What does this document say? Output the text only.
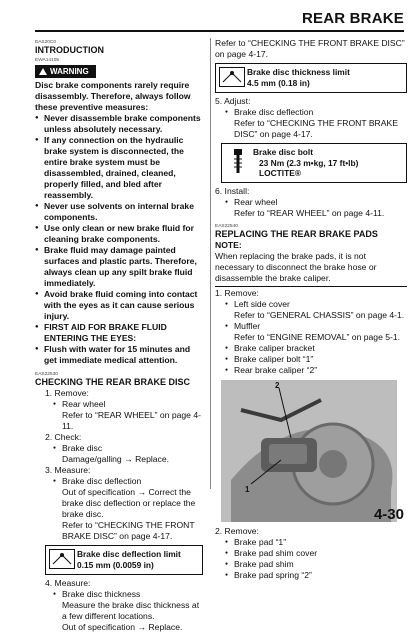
REAR BRAKE
EAS20C0
INTRODUCTION
EWA14105
WARNING
Disc brake components rarely require disassembly. Therefore, always follow these preventive measures:
● Never disassemble brake components unless absolutely necessary.
● If any connection on the hydraulic brake system is disconnected, the entire brake system must be disassembled, drained, cleaned, properly filled, and bled after reassembly.
● Never use solvents on internal brake components.
● Use only clean or new brake fluid for cleaning brake components.
● Brake fluid may damage painted surfaces and plastic parts. Therefore, always clean up any spilt brake fluid immediately.
● Avoid brake fluid coming into contact with the eyes as it can cause serious injury.
● FIRST AID FOR BRAKE FLUID ENTERING THE EYES:
● Flush with water for 15 minutes and get immediate medical attention.
EAS22530
CHECKING THE REAR BRAKE DISC
1. Remove:
● Rear wheel
Refer to “REAR WHEEL” on page 4-11.
2. Check:
● Brake disc
Damage/galling → Replace.
3. Measure:
● Brake disc deflection
Out of specification → Correct the brake disc deflection or replace the brake disc.
Refer to “CHECKING THE FRONT BRAKE DISC” on page 4-17.
Brake disc deflection limit
0.15 mm (0.0059 in)
4. Measure:
● Brake disc thickness
Measure the brake disc thickness at a few different locations.
Out of specification → Replace.
Refer to “CHECKING THE FRONT BRAKE DISC” on page 4-17.
Brake disc thickness limit
4.5 mm (0.18 in)
5. Adjust:
● Brake disc deflection
Refer to “CHECKING THE FRONT BRAKE DISC” on page 4-17.
Brake disc bolt
23 Nm (2.3 m•kg, 17 ft•lb)
LOCTITE®
6. Install:
● Rear wheel
Refer to “REAR WHEEL” on page 4-11.
EAS22540
REPLACING THE REAR BRAKE PADS
NOTE:
When replacing the brake pads, it is not necessary to disconnect the brake hose or disassemble the brake caliper.
1. Remove:
● Left side cover
Refer to “GENERAL CHASSIS” on page 4-1.
● Muffler
Refer to “ENGINE REMOVAL” on page 5-1.
● Brake caliper bracket
● Brake caliper bolt “1”
● Rear brake caliper “2”
1
2
2. Remove:
● Brake pad “1”
● Brake pad shim cover
● Brake pad shim
● Brake pad spring “2”
4-30
